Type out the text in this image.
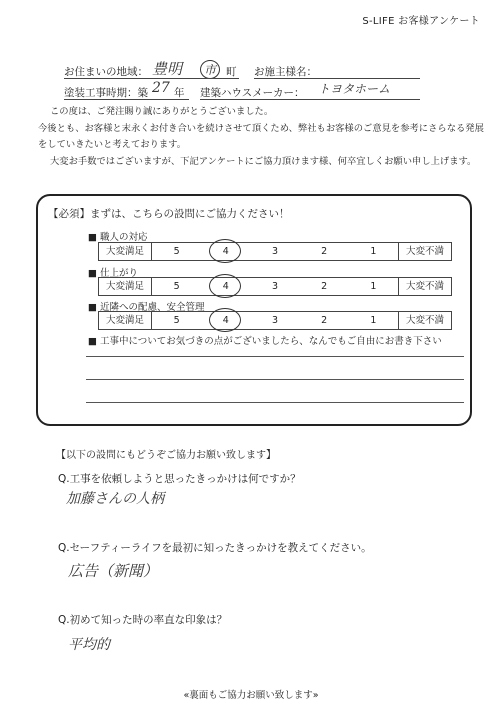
S-LIFE お客様アンケート
お住まいの地域： 豊明	市 町 お施主様名：
塗装工事時期：築 27 年 建築ハウスメーカー： トヨタホーム

この度は、ご発注賜り誠にありがとうございました。

今後とも、お客様と末永くお付き合いを続けさせて頂くため、弊社もお客様のご意見を参考にさらなる発展

をしていきたいと考えております。

大変お手数ではございますが、下記アンケートにご協力頂けます様、何卒宜しくお願い申し上げます。

【必須】まずは、こちらの設問にご協力ください！
■ 職人の対応
大変満足	5	4	3	2	1	大変不満
■ 仕上がり
大変満足	5	4	3	2	1	大変不満
■ 近隣への配慮、安全管理
大変満足	5	4	3	2	1	大変不満
■ 工事中についてお気づきの点がございましたら、なんでもご自由にお書き下さい
【以下の設問にもどうぞご協力お願い致します】
Q.工事を依頼しようと思ったきっかけは何ですか？
加藤さんの人柄
Q.セーフティーライフを最初に知ったきっかけを教えてください。
広告（新聞）
Q.初めて知った時の率直な印象は？
平均的
«裏面もご協力お願い致します»
